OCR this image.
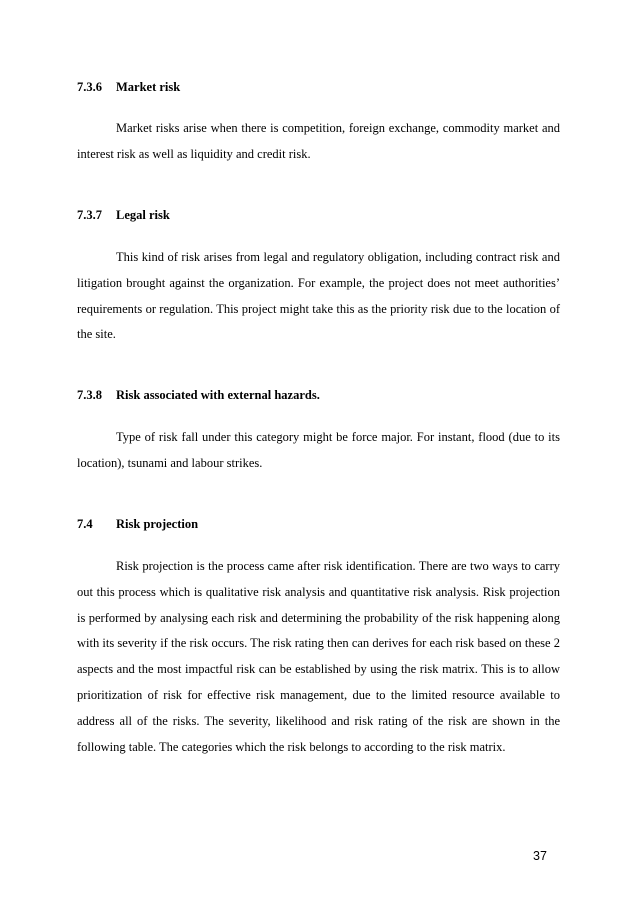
7.3.6 Market risk

Market risks arise when there is competition, foreign exchange, commodity market and interest risk as well as liquidity and credit risk.

7.3.7 Legal risk

This kind of risk arises from legal and regulatory obligation, including contract risk and litigation brought against the organization. For example, the project does not meet authorities’ requirements or regulation. This project might take this as the priority risk due to the location of the site.

7.3.8 Risk associated with external hazards.

Type of risk fall under this category might be force major. For instant, flood (due to its location), tsunami and labour strikes.

7.4 Risk projection

Risk projection is the process came after risk identification. There are two ways to carry out this process which is qualitative risk analysis and quantitative risk analysis. Risk projection is performed by analysing each risk and determining the probability of the risk happening along with its severity if the risk occurs. The risk rating then can derives for each risk based on these 2 aspects and the most impactful risk can be established by using the risk matrix. This is to allow prioritization of risk for effective risk management, due to the limited resource available to address all of the risks. The severity, likelihood and risk rating of the risk are shown in the following table. The categories which the risk belongs to according to the risk matrix.

37
